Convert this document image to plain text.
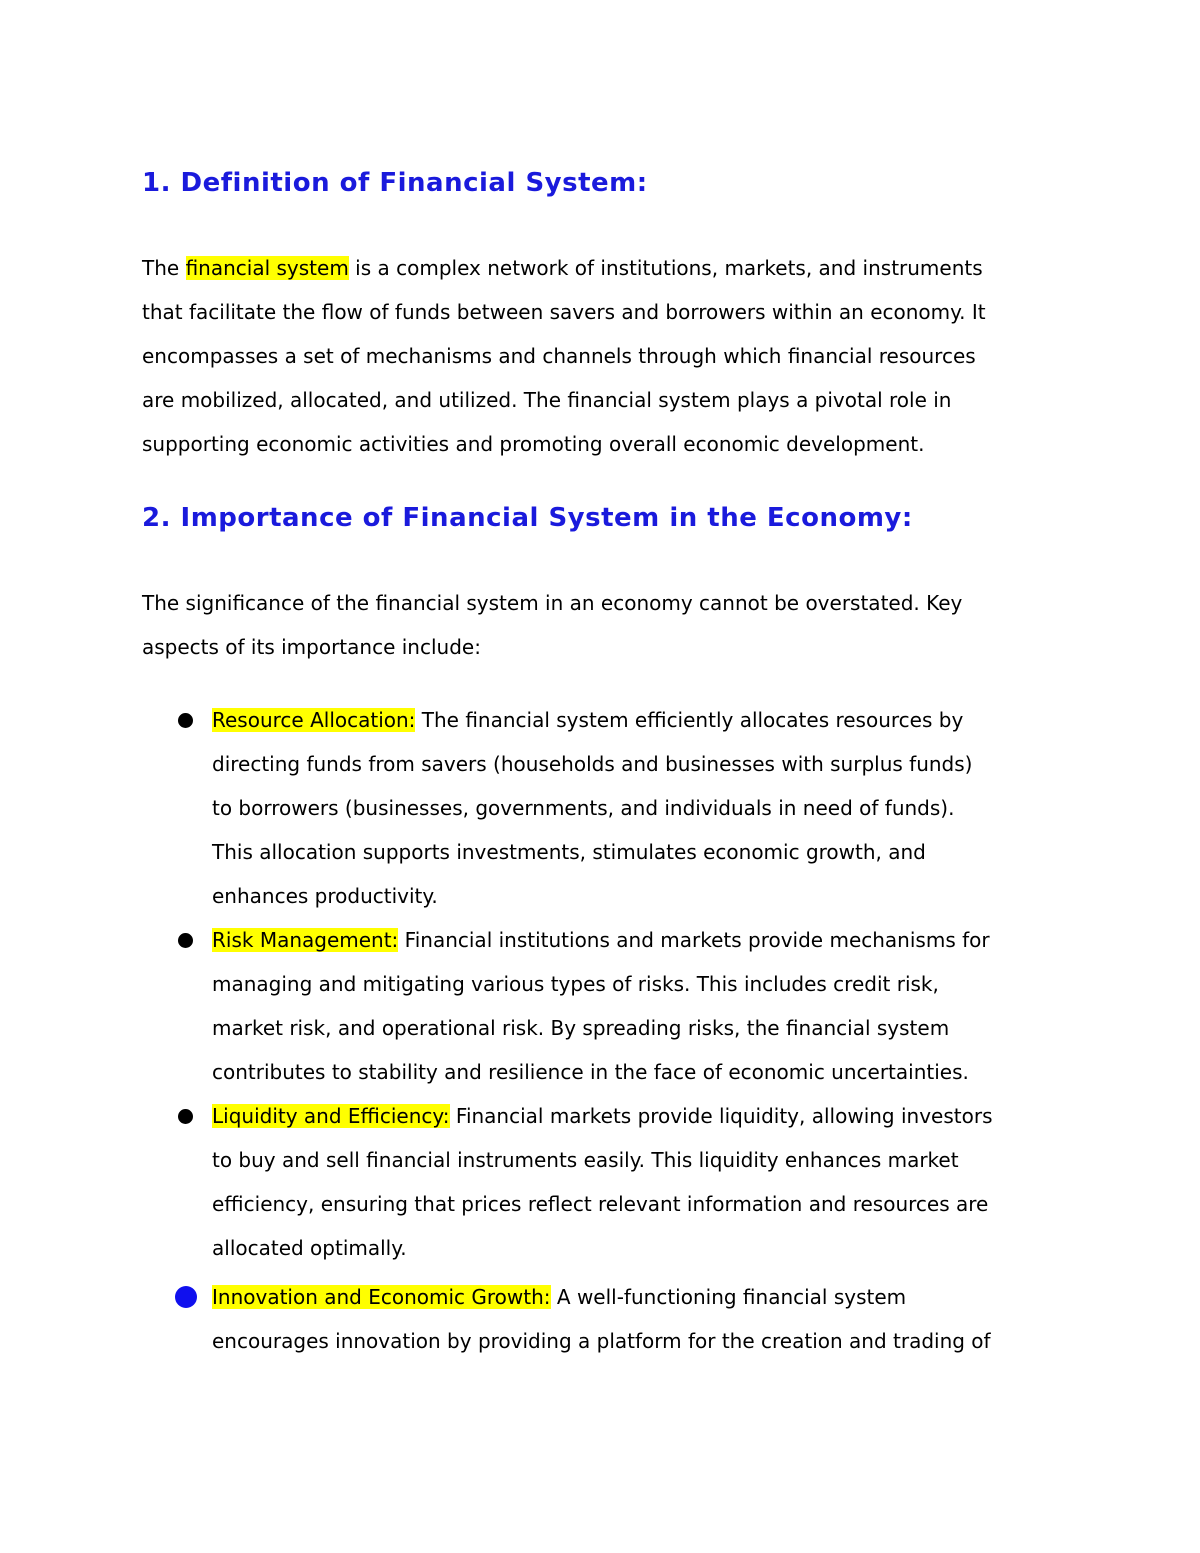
1. Definition of Financial System:
The financial system is a complex network of institutions, markets, and instruments
that facilitate the flow of funds between savers and borrowers within an economy. It
encompasses a set of mechanisms and channels through which financial resources
are mobilized, allocated, and utilized. The financial system plays a pivotal role in
supporting economic activities and promoting overall economic development.
2. Importance of Financial System in the Economy:
The significance of the financial system in an economy cannot be overstated. Key
aspects of its importance include:
Resource Allocation: The financial system efficiently allocates resources by
directing funds from savers (households and businesses with surplus funds)
to borrowers (businesses, governments, and individuals in need of funds).
This allocation supports investments, stimulates economic growth, and
enhances productivity.
Risk Management: Financial institutions and markets provide mechanisms for
managing and mitigating various types of risks. This includes credit risk,
market risk, and operational risk. By spreading risks, the financial system
contributes to stability and resilience in the face of economic uncertainties.
Liquidity and Efficiency: Financial markets provide liquidity, allowing investors
to buy and sell financial instruments easily. This liquidity enhances market
efficiency, ensuring that prices reflect relevant information and resources are
allocated optimally.
Innovation and Economic Growth: A well-functioning financial system
encourages innovation by providing a platform for the creation and trading of
